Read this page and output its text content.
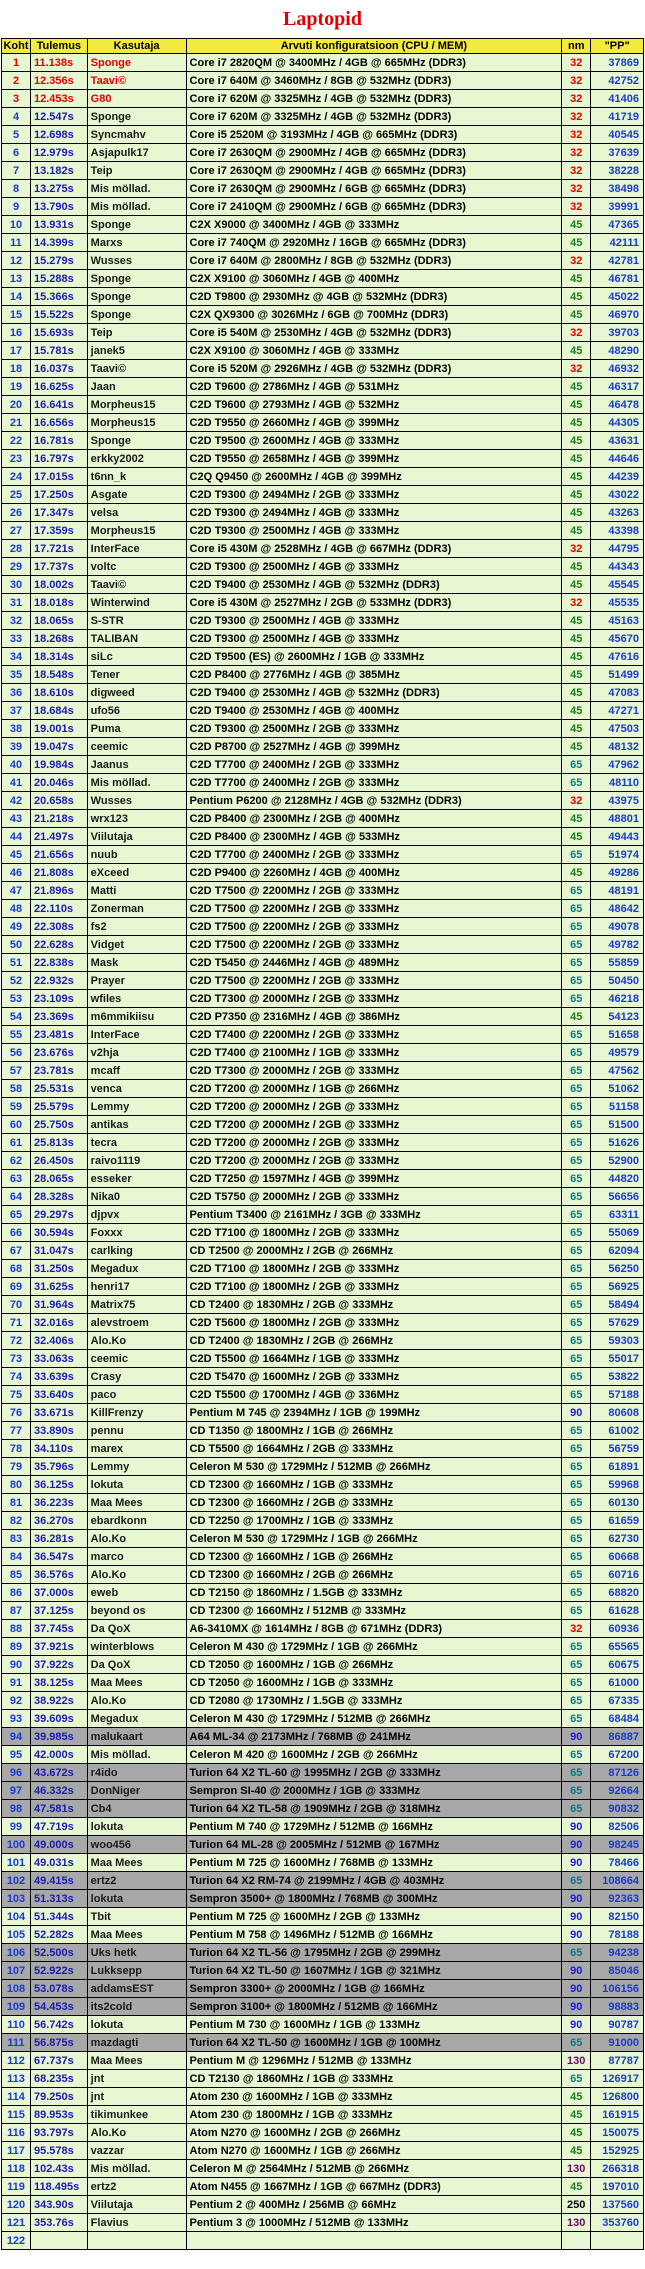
Laptopid
Koht	Tulemus	Kasutaja	Arvuti konfiguratsioon (CPU / MEM)	nm	"PP"
1	11.138s	Sponge	Core i7 2820QM @ 3400MHz / 4GB @ 665MHz (DDR3)	32	37869
2	12.356s	Taavi©	Core i7 640M @ 3460MHz / 8GB @ 532MHz (DDR3)	32	42752
3	12.453s	G80	Core i7 620M @ 3325MHz / 4GB @ 532MHz (DDR3)	32	41406
4	12.547s	Sponge	Core i7 620M @ 3325MHz / 4GB @ 532MHz (DDR3)	32	41719
5	12.698s	Syncmahv	Core i5 2520M @ 3193MHz / 4GB @ 665MHz (DDR3)	32	40545
6	12.979s	Asjapulk17	Core i7 2630QM @ 2900MHz / 4GB @ 665MHz (DDR3)	32	37639
7	13.182s	Teip	Core i7 2630QM @ 2900MHz / 4GB @ 665MHz (DDR3)	32	38228
8	13.275s	Mis möllad.	Core i7 2630QM @ 2900MHz / 6GB @ 665MHz (DDR3)	32	38498
9	13.790s	Mis möllad.	Core i7 2410QM @ 2900MHz / 6GB @ 665MHz (DDR3)	32	39991
10	13.931s	Sponge	C2X X9000 @ 3400MHz / 4GB @ 333MHz	45	47365
11	14.399s	Marxs	Core i7 740QM @ 2920MHz / 16GB @ 665MHz (DDR3)	45	42111
12	15.279s	Wusses	Core i7 640M @ 2800MHz / 8GB @ 532MHz (DDR3)	32	42781
13	15.288s	Sponge	C2X X9100 @ 3060MHz / 4GB @ 400MHz	45	46781
14	15.366s	Sponge	C2D T9800 @ 2930MHz @ 4GB @ 532MHz (DDR3)	45	45022
15	15.522s	Sponge	C2X QX9300 @ 3026MHz / 6GB @ 700MHz (DDR3)	45	46970
16	15.693s	Teip	Core i5 540M @ 2530MHz / 4GB @ 532MHz (DDR3)	32	39703
17	15.781s	janek5	C2X X9100 @ 3060MHz / 4GB @ 333MHz	45	48290
18	16.037s	Taavi©	Core i5 520M @ 2926MHz / 4GB @ 532MHz (DDR3)	32	46932
19	16.625s	Jaan	C2D T9600 @ 2786MHz / 4GB @ 531MHz	45	46317
20	16.641s	Morpheus15	C2D T9600 @ 2793MHz / 4GB @ 532MHz	45	46478
21	16.656s	Morpheus15	C2D T9550 @ 2660MHz / 4GB @ 399MHz	45	44305
22	16.781s	Sponge	C2D T9500 @ 2600MHz / 4GB @ 333MHz	45	43631
23	16.797s	erkky2002	C2D T9550 @ 2658MHz / 4GB @ 399MHz	45	44646
24	17.015s	t6nn_k	C2Q Q9450 @ 2600MHz / 4GB @ 399MHz	45	44239
25	17.250s	Asgate	C2D T9300 @ 2494MHz / 2GB @ 333MHz	45	43022
26	17.347s	velsa	C2D T9300 @ 2494MHz / 4GB @ 333MHz	45	43263
27	17.359s	Morpheus15	C2D T9300 @ 2500MHz / 4GB @ 333MHz	45	43398
28	17.721s	InterFace	Core i5 430M @ 2528MHz / 4GB @ 667MHz (DDR3)	32	44795
29	17.737s	voltc	C2D T9300 @ 2500MHz / 4GB @ 333MHz	45	44343
30	18.002s	Taavi©	C2D T9400 @ 2530MHz / 4GB @ 532MHz (DDR3)	45	45545
31	18.018s	Winterwind	Core i5 430M @ 2527MHz / 2GB @ 533MHz (DDR3)	32	45535
32	18.065s	S-STR	C2D T9300 @ 2500MHz / 4GB @ 333MHz	45	45163
33	18.268s	TALIBAN	C2D T9300 @ 2500MHz / 4GB @ 333MHz	45	45670
34	18.314s	siLc	C2D T9500 (ES) @ 2600MHz / 1GB @ 333MHz	45	47616
35	18.548s	Tener	C2D P8400 @ 2776MHz / 4GB @ 385MHz	45	51499
36	18.610s	digweed	C2D T9400 @ 2530MHz / 4GB @ 532MHz (DDR3)	45	47083
37	18.684s	ufo56	C2D T9400 @ 2530MHz / 4GB @ 400MHz	45	47271
38	19.001s	Puma	C2D T9300 @ 2500MHz / 2GB @ 333MHz	45	47503
39	19.047s	ceemic	C2D P8700 @ 2527MHz / 4GB @ 399MHz	45	48132
40	19.984s	Jaanus	C2D T7700 @ 2400MHz / 2GB @ 333MHz	65	47962
41	20.046s	Mis möllad.	C2D T7700 @ 2400MHz / 2GB @ 333MHz	65	48110
42	20.658s	Wusses	Pentium P6200 @ 2128MHz / 4GB @ 532MHz (DDR3)	32	43975
43	21.218s	wrx123	C2D P8400 @ 2300MHz / 2GB @ 400MHz	45	48801
44	21.497s	Viilutaja	C2D P8400 @ 2300MHz / 4GB @ 533MHz	45	49443
45	21.656s	nuub	C2D T7700 @ 2400MHz / 2GB @ 333MHz	65	51974
46	21.808s	eXceed	C2D P9400 @ 2260MHz / 4GB @ 400MHz	45	49286
47	21.896s	Matti	C2D T7500 @ 2200MHz / 2GB @ 333MHz	65	48191
48	22.110s	Zonerman	C2D T7500 @ 2200MHz / 2GB @ 333MHz	65	48642
49	22.308s	fs2	C2D T7500 @ 2200MHz / 2GB @ 333MHz	65	49078
50	22.628s	Vidget	C2D T7500 @ 2200MHz / 2GB @ 333MHz	65	49782
51	22.838s	Mask	C2D T5450 @ 2446MHz / 4GB @ 489MHz	65	55859
52	22.932s	Prayer	C2D T7500 @ 2200MHz / 2GB @ 333MHz	65	50450
53	23.109s	wfiles	C2D T7300 @ 2000MHz / 2GB @ 333MHz	65	46218
54	23.369s	m6mmikiisu	C2D P7350 @ 2316MHz / 4GB @ 386MHz	45	54123
55	23.481s	InterFace	C2D T7400 @ 2200MHz / 2GB @ 333MHz	65	51658
56	23.676s	v2hja	C2D T7400 @ 2100MHz / 1GB @ 333MHz	65	49579
57	23.781s	mcaff	C2D T7300 @ 2000MHz / 2GB @ 333MHz	65	47562
58	25.531s	venca	C2D T7200 @ 2000MHz / 1GB @ 266MHz	65	51062
59	25.579s	Lemmy	C2D T7200 @ 2000MHz / 2GB @ 333MHz	65	51158
60	25.750s	antikas	C2D T7200 @ 2000MHz / 2GB @ 333MHz	65	51500
61	25.813s	tecra	C2D T7200 @ 2000MHz / 2GB @ 333MHz	65	51626
62	26.450s	raivo1119	C2D T7200 @ 2000MHz / 2GB @ 333MHz	65	52900
63	28.065s	esseker	C2D T7250 @ 1597MHz / 4GB @ 399MHz	65	44820
64	28.328s	Nika0	C2D T5750 @ 2000MHz / 2GB @ 333MHz	65	56656
65	29.297s	djpvx	Pentium T3400 @ 2161MHz / 3GB @ 333MHz	65	63311
66	30.594s	Foxxx	C2D T7100 @ 1800MHz / 2GB @ 333MHz	65	55069
67	31.047s	carlking	CD T2500 @ 2000MHz / 2GB @ 266MHz	65	62094
68	31.250s	Megadux	C2D T7100 @ 1800MHz / 2GB @ 333MHz	65	56250
69	31.625s	henri17	C2D T7100 @ 1800MHz / 2GB @ 333MHz	65	56925
70	31.964s	Matrix75	CD T2400 @ 1830MHz / 2GB @ 333MHz	65	58494
71	32.016s	alevstroem	C2D T5600 @ 1800MHz / 2GB @ 333MHz	65	57629
72	32.406s	Alo.Ko	CD T2400 @ 1830MHz / 2GB @ 266MHz	65	59303
73	33.063s	ceemic	C2D T5500 @ 1664MHz / 1GB @ 333MHz	65	55017
74	33.639s	Crasy	C2D T5470 @ 1600MHz / 2GB @ 333MHz	65	53822
75	33.640s	paco	C2D T5500 @ 1700MHz / 4GB @ 336MHz	65	57188
76	33.671s	KillFrenzy	Pentium M 745 @ 2394MHz / 1GB @ 199MHz	90	80608
77	33.890s	pennu	CD T1350 @ 1800MHz / 1GB @ 266MHz	65	61002
78	34.110s	marex	CD T5500 @ 1664MHz / 2GB @ 333MHz	65	56759
79	35.796s	Lemmy	Celeron M 530 @ 1729MHz / 512MB @ 266MHz	65	61891
80	36.125s	lokuta	CD T2300 @ 1660MHz / 1GB @ 333MHz	65	59968
81	36.223s	Maa Mees	CD T2300 @ 1660MHz / 2GB @ 333MHz	65	60130
82	36.270s	ebardkonn	CD T2250 @ 1700MHz / 1GB @ 333MHz	65	61659
83	36.281s	Alo.Ko	Celeron M 530 @ 1729MHz / 1GB @ 266MHz	65	62730
84	36.547s	marco	CD T2300 @ 1660MHz / 1GB @ 266MHz	65	60668
85	36.576s	Alo.Ko	CD T2300 @ 1660MHz / 2GB @ 266MHz	65	60716
86	37.000s	eweb	CD T2150 @ 1860MHz / 1.5GB @ 333MHz	65	68820
87	37.125s	beyond os	CD T2300 @ 1660MHz / 512MB @ 333MHz	65	61628
88	37.745s	Da QoX	A6-3410MX @ 1614MHz / 8GB @ 671MHz (DDR3)	32	60936
89	37.921s	winterblows	Celeron M 430 @ 1729MHz / 1GB @ 266MHz	65	65565
90	37.922s	Da QoX	CD T2050 @ 1600MHz / 1GB @ 266MHz	65	60675
91	38.125s	Maa Mees	CD T2050 @ 1600MHz / 1GB @ 333MHz	65	61000
92	38.922s	Alo.Ko	CD T2080 @ 1730MHz / 1.5GB @ 333MHz	65	67335
93	39.609s	Megadux	Celeron M 430 @ 1729MHz / 512MB @ 266MHz	65	68484
94	39.985s	malukaart	A64 ML-34 @ 2173MHz / 768MB @ 241MHz	90	86887
95	42.000s	Mis möllad.	Celeron M 420 @ 1600MHz / 2GB @ 266MHz	65	67200
96	43.672s	r4ido	Turion 64 X2 TL-60 @ 1995MHz / 2GB @ 333MHz	65	87126
97	46.332s	DonNiger	Sempron SI-40 @ 2000MHz / 1GB @ 333MHz	65	92664
98	47.581s	Cb4	Turion 64 X2 TL-58 @ 1909MHz / 2GB @ 318MHz	65	90832
99	47.719s	lokuta	Pentium M 740 @ 1729MHz / 512MB @ 166MHz	90	82506
100	49.000s	woo456	Turion 64 ML-28 @ 2005MHz / 512MB @ 167MHz	90	98245
101	49.031s	Maa Mees	Pentium M 725 @ 1600MHz / 768MB @ 133MHz	90	78466
102	49.415s	ertz2	Turion 64 X2 RM-74 @ 2199MHz / 4GB @ 403MHz	65	108664
103	51.313s	lokuta	Sempron 3500+ @ 1800MHz / 768MB @ 300MHz	90	92363
104	51.344s	Tbit	Pentium M 725 @ 1600MHz / 2GB @ 133MHz	90	82150
105	52.282s	Maa Mees	Pentium M 758 @ 1496MHz / 512MB @ 166MHz	90	78188
106	52.500s	Uks hetk	Turion 64 X2 TL-56 @ 1795MHz / 2GB @ 299MHz	65	94238
107	52.922s	Lukksepp	Turion 64 X2 TL-50 @ 1607MHz / 1GB @ 321MHz	90	85046
108	53.078s	addamsEST	Sempron 3300+ @ 2000MHz / 1GB @ 166MHz	90	106156
109	54.453s	its2cold	Sempron 3100+ @ 1800MHz / 512MB @ 166MHz	90	98883
110	56.742s	lokuta	Pentium M 730 @ 1600MHz / 1GB @ 133MHz	90	90787
111	56.875s	mazdagti	Turion 64 X2 TL-50 @ 1600MHz / 1GB @ 100MHz	65	91000
112	67.737s	Maa Mees	Pentium M @ 1296MHz / 512MB @ 133MHz	130	87787
113	68.235s	jnt	CD T2130 @ 1860MHz / 1GB @ 333MHz	65	126917
114	79.250s	jnt	Atom 230 @ 1600MHz / 1GB @ 333MHz	45	126800
115	89.953s	tikimunkee	Atom 230 @ 1800MHz / 1GB @ 333MHz	45	161915
116	93.797s	Alo.Ko	Atom N270 @ 1600MHz / 2GB @ 266MHz	45	150075
117	95.578s	vazzar	Atom N270 @ 1600MHz / 1GB @ 266MHz	45	152925
118	102.43s	Mis möllad.	Celeron M @ 2564MHz / 512MB @ 266MHz	130	266318
119	118.495s	ertz2	Atom N455 @ 1667MHz / 1GB @ 667MHz (DDR3)	45	197010
120	343.90s	Viilutaja	Pentium 2 @ 400MHz / 256MB @ 66MHz	250	137560
121	353.76s	Flavius	Pentium 3 @ 1000MHz / 512MB @ 133MHz	130	353760
122					
